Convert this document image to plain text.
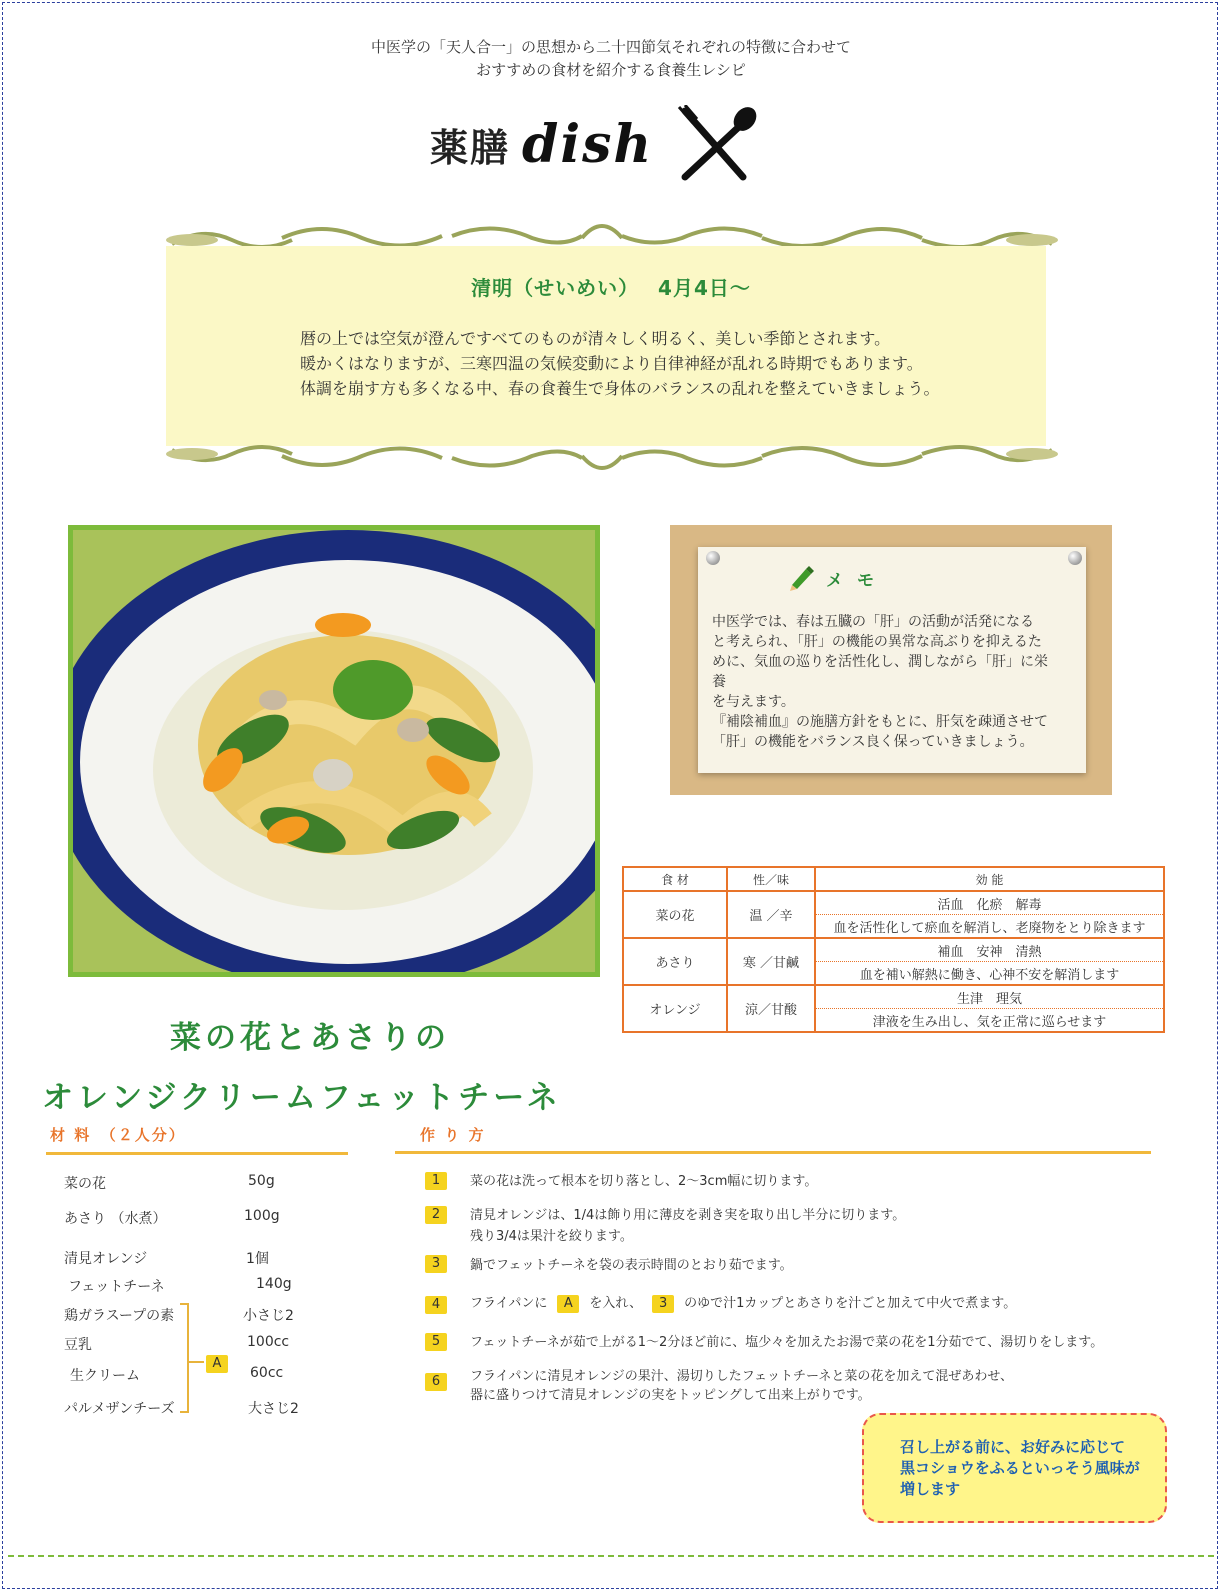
中医学の「天人合一」の思想から二十四節気それぞれの特徴に合わせて
おすすめの食材を紹介する食養生レシピ
薬膳 dish
清明（せいめい）　 4月4日～
暦の上では空気が澄んですべてのものが清々しく明るく、美しい季節とされます。
暖かくはなりますが、三寒四温の気候変動により自律神経が乱れる時期でもあります。
体調を崩す方も多くなる中、春の食養生で身体のバランスの乱れを整えていきましょう。
メモ
中医学では、春は五臓の「肝」の活動が活発になる
と考えられ、「肝」の機能の異常な高ぶりを抑えるた
めに、気血の巡りを活性化し、潤しながら「肝」に栄養
を与えます。
『補陰補血』の施膳方針をもとに、肝気を疎通させて
「肝」の機能をバランス良く保っていきましょう。
食 材	性／味	効 能
菜の花	温 ／辛	活血　化瘀　解毒
		血を活性化して瘀血を解消し、老廃物をとり除きます
あさり	寒 ／甘鹹	補血　安神　清熱
		血を補い解熱に働き、心神不安を解消します
オレンジ	涼／甘酸	生津　理気
		津液を生み出し、気を正常に巡らせます
菜の花とあさりの
オレンジクリームフェットチーネ
材 料　（２人分）
菜の花	50g
あさり （水煮）	100g
清見オレンジ	1個
フェットチーネ	140g
鶏ガラスープの素	小さじ2
豆乳	100cc
生クリーム	60cc
パルメザンチーズ	大さじ2
A
作 り 方
1	菜の花は洗って根本を切り落とし、2～3cm幅に切ります。
2	清見オレンジは、1/4は飾り用に薄皮を剥き実を取り出し半分に切ります。
残り3/4は果汁を絞ります。
3	鍋でフェットチーネを袋の表示時間のとおり茹でます。
4	フライパンに	A	を入れ、	3	のゆで汁1カップとあさりを汁ごと加えて中火で煮ます。
5	フェットチーネが茹で上がる1～2分ほど前に、塩少々を加えたお湯で菜の花を1分茹でて、湯切りをします。
6	フライパンに清見オレンジの果汁、湯切りしたフェットチーネと菜の花を加えて混ぜあわせ、
器に盛りつけて清見オレンジの実をトッピングして出来上がりです。
召し上がる前に、お好みに応じて
黒コショウをふるといっそう風味が
増します
